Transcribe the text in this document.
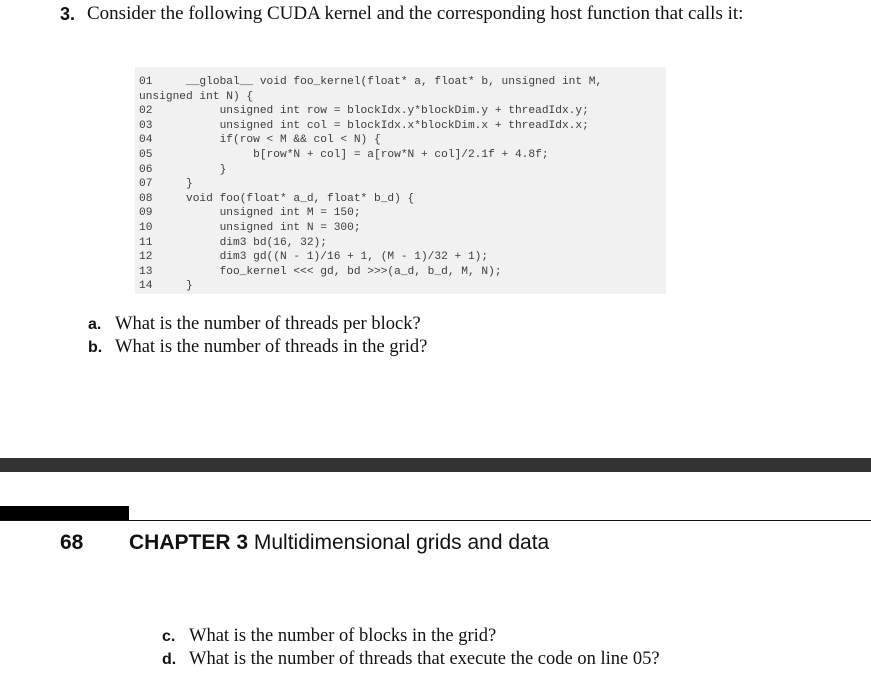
3. Consider the following CUDA kernel and the corresponding host function that calls it:
01     __global__ void foo_kernel(float* a, float* b, unsigned int M,
unsigned int N) {
02          unsigned int row = blockIdx.y*blockDim.y + threadIdx.y;
03          unsigned int col = blockIdx.x*blockDim.x + threadIdx.x;
04          if(row < M && col < N) {
05               b[row*N + col] = a[row*N + col]/2.1f + 4.8f;
06          }
07     }
08     void foo(float* a_d, float* b_d) {
09          unsigned int M = 150;
10          unsigned int N = 300;
11          dim3 bd(16, 32);
12          dim3 gd((N - 1)/16 + 1, (M - 1)/32 + 1);
13          foo_kernel <<< gd, bd >>>(a_d, b_d, M, N);
14     }
a. What is the number of threads per block?
b. What is the number of threads in the grid?
68 CHAPTER 3 Multidimensional grids and data
c. What is the number of blocks in the grid?
d. What is the number of threads that execute the code on line 05?
